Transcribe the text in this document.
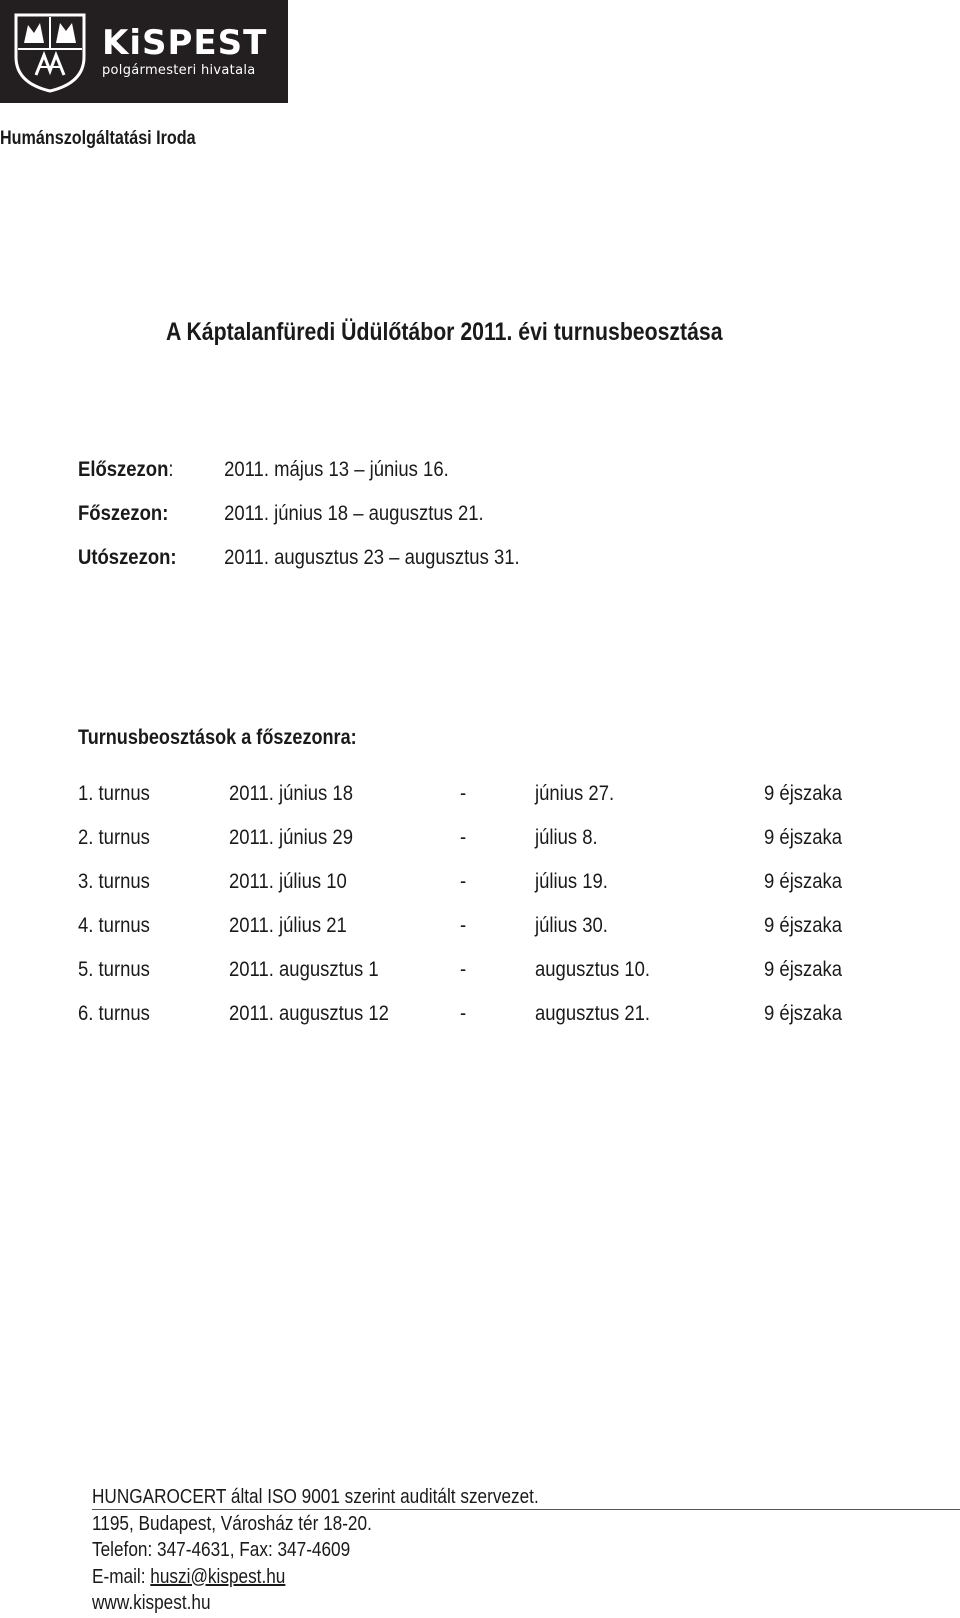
KiSPEST
polgármesteri hivatala
Humánszolgáltatási Iroda
A Káptalanfüredi Üdülőtábor 2011. évi turnusbeosztása
Előszezon: 2011. május 13 – június 16.
Főszezon:	2011. június 18 – augusztus 21.
Utószezon: 2011. augusztus 23 – augusztus 31.
Turnusbeosztások a főszezonra:
1. turnus	2011. június 18	-	június 27.	9 éjszaka
2. turnus	2011. június 29	-	július 8.	9 éjszaka
3. turnus	2011. július 10	-	július 19.	9 éjszaka
4. turnus	2011. július 21	-	július 30.	9 éjszaka
5. turnus	2011. augusztus 1	-	augusztus 10.	9 éjszaka
6. turnus	2011. augusztus 12	-	augusztus 21.	9 éjszaka
HUNGAROCERT által ISO 9001 szerint auditált szervezet.
1195, Budapest, Városház tér 18-20.
Telefon: 347-4631, Fax: 347-4609
E-mail: huszi@kispest.hu
www.kispest.hu
